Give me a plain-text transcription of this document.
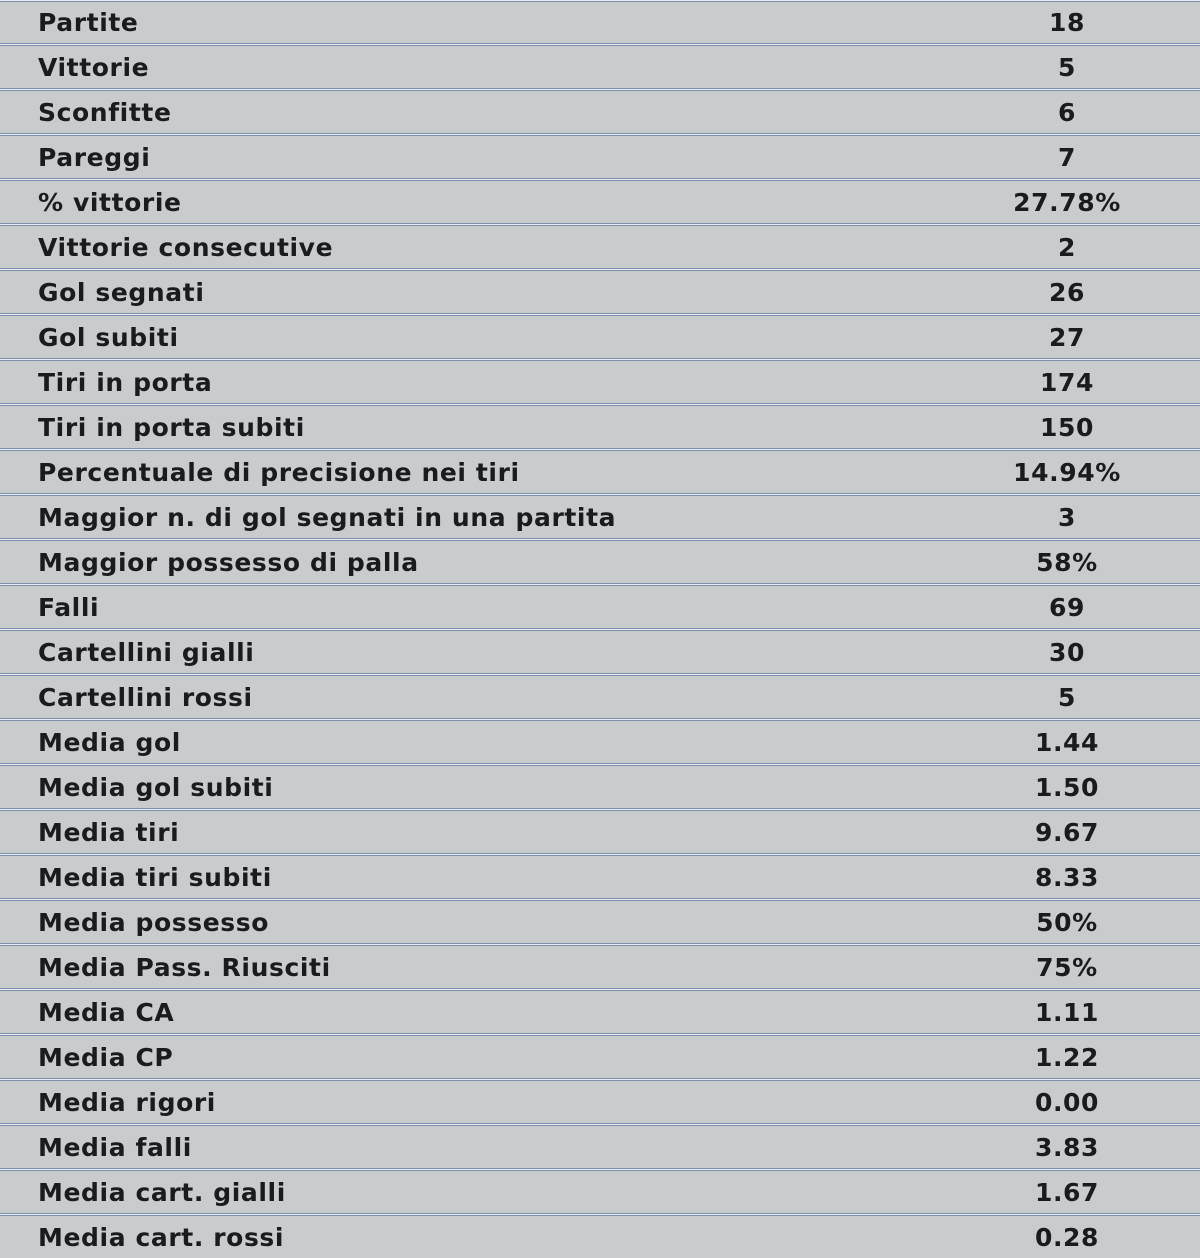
Partite	18
Vittorie	5
Sconfitte	6
Pareggi	7
% vittorie	27.78%
Vittorie consecutive	2
Gol segnati	26
Gol subiti	27
Tiri in porta	174
Tiri in porta subiti	150
Percentuale di precisione nei tiri	14.94%
Maggior n. di gol segnati in una partita	3
Maggior possesso di palla	58%
Falli	69
Cartellini gialli	30
Cartellini rossi	5
Media gol	1.44
Media gol subiti	1.50
Media tiri	9.67
Media tiri subiti	8.33
Media possesso	50%
Media Pass. Riusciti	75%
Media CA	1.11
Media CP	1.22
Media rigori	0.00
Media falli	3.83
Media cart. gialli	1.67
Media cart. rossi	0.28
